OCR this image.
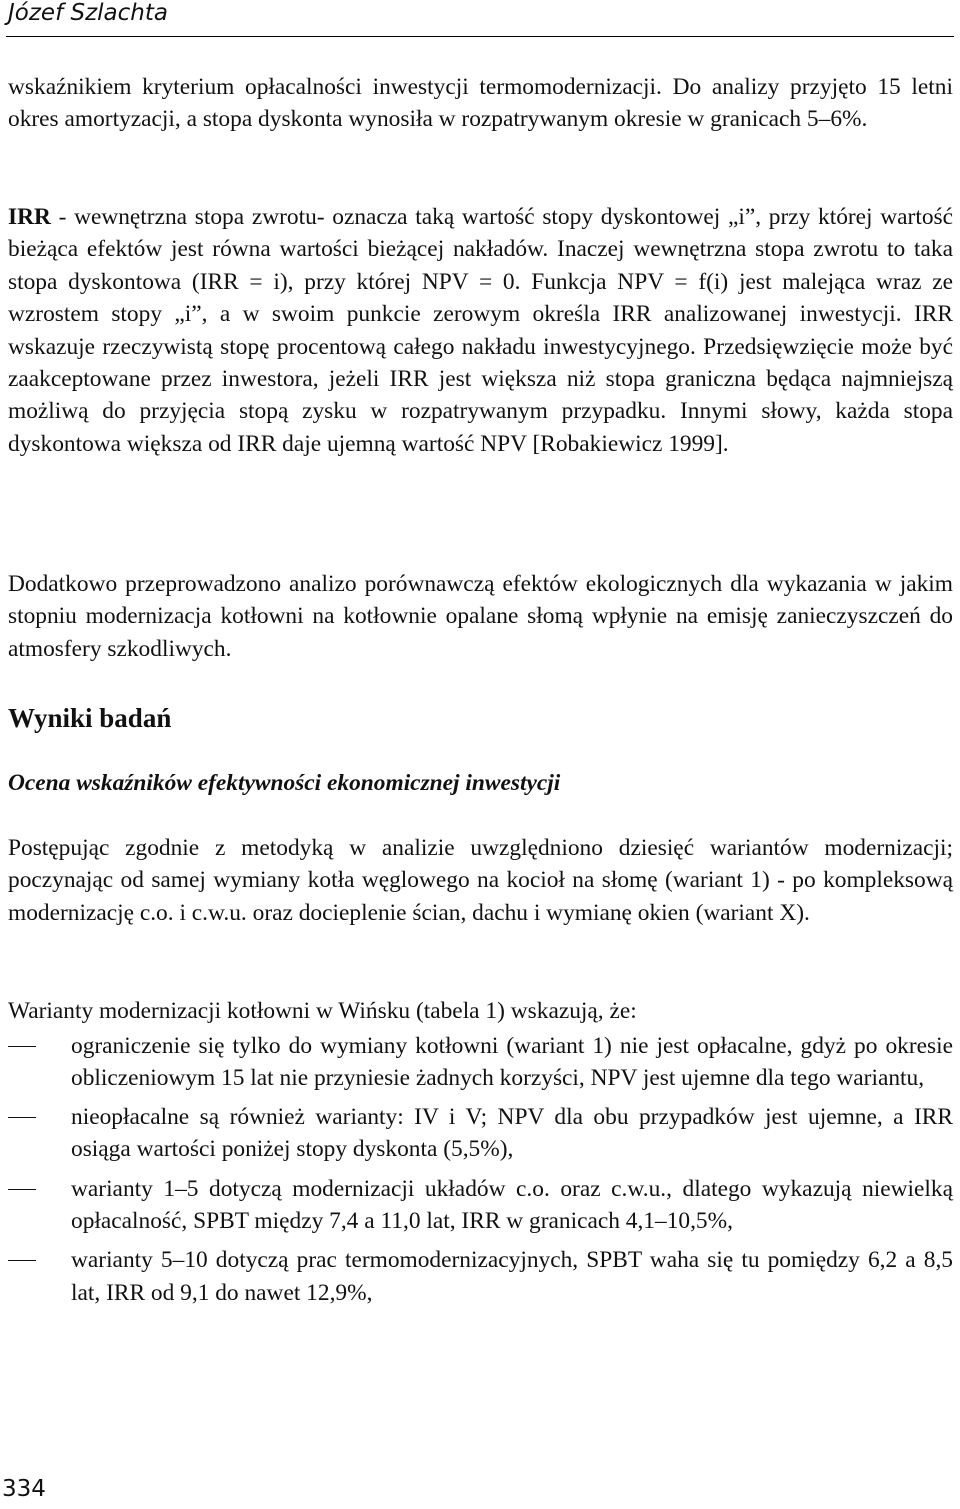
Józef Szlachta

wskaźnikiem kryterium opłacalności inwestycji termomodernizacji. Do analizy przyjęto 15 letni okres amortyzacji, a stopa dyskonta wynosiła w rozpatrywanym okresie w granicach 5–6%.

IRR - wewnętrzna stopa zwrotu- oznacza taką wartość stopy dyskontowej „i”, przy której wartość bieżąca efektów jest równa wartości bieżącej nakładów. Inaczej wewnętrzna stopa zwrotu to taka stopa dyskontowa (IRR = i), przy której NPV = 0. Funkcja NPV = f(i) jest malejąca wraz ze wzrostem stopy „i”, a w swoim punkcie zerowym określa IRR analizowanej inwestycji. IRR wskazuje rzeczywistą stopę procentową całego nakładu inwestycyjnego. Przedsięwzięcie może być zaakceptowane przez inwestora, jeżeli IRR jest większa niż stopa graniczna będąca najmniejszą możliwą do przyjęcia stopą zysku w rozpatrywanym przypadku. Innymi słowy, każda stopa dyskontowa większa od IRR daje ujemną wartość NPV [Robakiewicz 1999].

Dodatkowo przeprowadzono analizo porównawczą efektów ekologicznych dla wykazania w jakim stopniu modernizacja kotłowni na kotłownie opalane słomą wpłynie na emisję zanieczyszczeń do atmosfery szkodliwych.

Wyniki badań
Ocena wskaźników efektywności ekonomicznej inwestycji

Postępując zgodnie z metodyką w analizie uwzględniono dziesięć wariantów modernizacji; poczynając od samej wymiany kotła węglowego na kocioł na słomę (wariant 1) - po kompleksową modernizację c.o. i c.w.u. oraz docieplenie ścian, dachu i wymianę okien (wariant X).

Warianty modernizacji kotłowni w Wińsku (tabela 1) wskazują, że:

ograniczenie się tylko do wymiany kotłowni (wariant 1) nie jest opłacalne, gdyż po okresie obliczeniowym 15 lat nie przyniesie żadnych korzyści, NPV jest ujemne dla tego wariantu,
nieopłacalne są również warianty: IV i V; NPV dla obu przypadków jest ujemne, a IRR osiąga wartości poniżej stopy dyskonta (5,5%),
warianty 1–5 dotyczą modernizacji układów c.o. oraz c.w.u., dlatego wykazują niewielką opłacalność, SPBT między 7,4 a 11,0 lat, IRR w granicach 4,1–10,5%,
warianty 5–10 dotyczą prac termomodernizacyjnych, SPBT waha się tu pomiędzy 6,2 a 8,5 lat, IRR od 9,1 do nawet 12,9%,
334
